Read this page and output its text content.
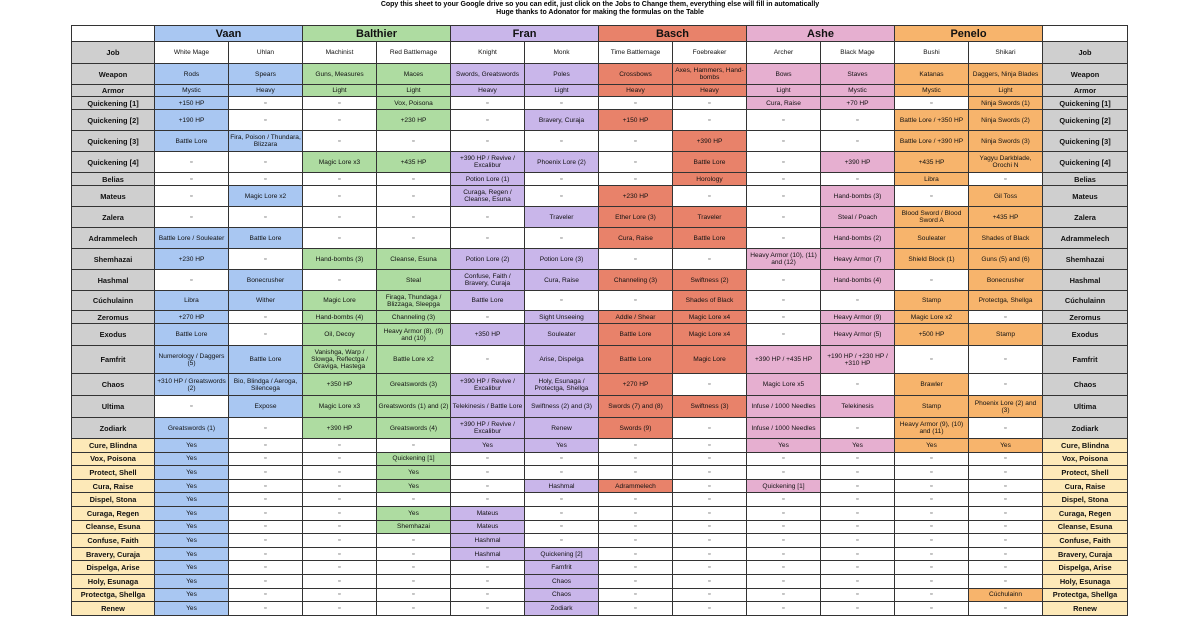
Copy this sheet to your Google drive so you can edit, just click on the Jobs to Change them, everything else will fill in automatically
Huge thanks to Adonator for making the formulas on the Table
	Vaan		Balthier		Fran		Basch		Ashe		Penelo		
Job	White Mage	Uhlan	Machinist	Red Battlemage	Knight	Monk	Time Battlemage	Foebreaker	Archer	Black Mage	Bushi	Shikari	Job
Weapon	Rods	Spears	Guns, Measures	Maces	Swords, Greatswords	Poles	Crossbows	Axes, Hammers, Hand-bombs	Bows	Staves	Katanas	Daggers, Ninja Blades	Weapon
Armor	Mystic	Heavy	Light	Light	Heavy	Light	Heavy	Heavy	Light	Mystic	Mystic	Light	Armor
Quickening [1]	+150 HP	▫	▫	Vox, Poisona	▫	▫	▫	▫	Cura, Raise	+70 HP	▫	Ninja Swords (1)	Quickening [1]
Quickening [2]	+190 HP	▫	▫	+230 HP	▫	Bravery, Curaja	+150 HP	▫	▫	▫	Battle Lore / +350 HP	Ninja Swords (2)	Quickening [2]
Quickening [3]	Battle Lore	Fira, Poison / Thundara, Blizzara	▫	▫	▫	▫	▫	+390 HP	▫	▫	Battle Lore / +390 HP	Ninja Swords (3)	Quickening [3]
Quickening [4]	▫	▫	Magic Lore x3	+435 HP	+390 HP / Revive / Excalibur	Phoenix Lore (2)	▫	Battle Lore	▫	+390 HP	+435 HP	Yagyu Darkblade, Orochi N	Quickening [4]
Belias	▫	▫	▫	▫	Potion Lore (1)	▫	▫	Horology	▫	▫	Libra	▫	Belias
Mateus	▫	Magic Lore x2	▫	▫	Curaga, Regen / Cleanse, Esuna	▫	+230 HP	▫	▫	Hand-bombs (3)	▫	Gil Toss	Mateus
Zalera	▫	▫	▫	▫	▫	Traveler	Ether Lore (3)	Traveler	▫	Steal / Poach	Blood Sword / Blood Sword A	+435 HP	Zalera
Adrammelech	Battle Lore / Souleater	Battle Lore	▫	▫	▫	▫	Cura, Raise	Battle Lore	▫	Hand-bombs (2)	Souleater	Shades of Black	Adrammelech
Shemhazai	+230 HP	▫	Hand-bombs (3)	Cleanse, Esuna	Potion Lore (2)	Potion Lore (3)	▫	▫	Heavy Armor (10), (11) and (12)	Heavy Armor (7)	Shield Block (1)	Guns (5) and (6)	Shemhazai
Hashmal	▫	Bonecrusher	▫	Steal	Confuse, Faith / Bravery, Curaja	Cura, Raise	Channeling (3)	Swiftness (2)	▫	Hand-bombs (4)	▫	Bonecrusher	Hashmal
Cúchulainn	Libra	Wither	Magic Lore	Firaga, Thundaga / Blizzaga, Sleepga	Battle Lore	▫	▫	Shades of Black	▫	▫	Stamp	Protectga, Shellga	Cúchulainn
Zeromus	+270 HP	▫	Hand-bombs (4)	Channeling (3)	▫	Sight Unseeing	Addle / Shear	Magic Lore x4	▫	Heavy Armor (9)	Magic Lore x2	▫	Zeromus
Exodus	Battle Lore	▫	Oil, Decoy	Heavy Armor (8), (9) and (10)	+350 HP	Souleater	Battle Lore	Magic Lore x4	▫	Heavy Armor (5)	+500 HP	Stamp	Exodus
Famfrit	Numerology / Daggers (5)	Battle Lore	Vanishga, Warp / Slowga, Reflectga / Graviga, Hastega	Battle Lore x2	▫	Arise, Dispelga	Battle Lore	Magic Lore	+390 HP / +435 HP	+190 HP / +230 HP / +310 HP	▫	▫	Famfrit
Chaos	+310 HP / Greatswords (2)	Bio, Blindga / Aeroga, Silencega	+350 HP	Greatswords (3)	+390 HP / Revive / Excalibur	Holy, Esunaga / Protectga, Shellga	+270 HP	▫	Magic Lore x5	▫	Brawler	▫	Chaos
Ultima	▫	Expose	Magic Lore x3	Greatswords (1) and (2)	Telekinesis / Battle Lore	Swiftness (2) and (3)	Swords (7) and (8)	Swiftness (3)	Infuse / 1000 Needles	Telekinesis	Stamp	Phoenix Lore (2) and (3)	Ultima
Zodiark	Greatswords (1)	▫	+390 HP	Greatswords (4)	+390 HP / Revive / Excalibur	Renew	Swords (9)	▫	Infuse / 1000 Needles	▫	Heavy Armor (9), (10) and (11)	▫	Zodiark
Cure, Blindna	Yes	▫	▫	▫	Yes	Yes	▫	▫	Yes	Yes	Yes	Yes	Cure, Blindna
Vox, Poisona	Yes	▫	▫	Quickening [1]	▫	▫	▫	▫	▫	▫	▫	▫	Vox, Poisona
Protect, Shell	Yes	▫	▫	Yes	▫	▫	▫	▫	▫	▫	▫	▫	Protect, Shell
Cura, Raise	Yes	▫	▫	Yes	▫	Hashmal	Adrammelech	▫	Quickening [1]	▫	▫	▫	Cura, Raise
Dispel, Stona	Yes	▫	▫	▫	▫	▫	▫	▫	▫	▫	▫	▫	Dispel, Stona
Curaga, Regen	Yes	▫	▫	Yes	Mateus	▫	▫	▫	▫	▫	▫	▫	Curaga, Regen
Cleanse, Esuna	Yes	▫	▫	Shemhazai	Mateus	▫	▫	▫	▫	▫	▫	▫	Cleanse, Esuna
Confuse, Faith	Yes	▫	▫	▫	Hashmal	▫	▫	▫	▫	▫	▫	▫	Confuse, Faith
Bravery, Curaja	Yes	▫	▫	▫	Hashmal	Quickening [2]	▫	▫	▫	▫	▫	▫	Bravery, Curaja
Dispelga, Arise	Yes	▫	▫	▫	▫	Famfrit	▫	▫	▫	▫	▫	▫	Dispelga, Arise
Holy, Esunaga	Yes	▫	▫	▫	▫	Chaos	▫	▫	▫	▫	▫	▫	Holy, Esunaga
Protectga, Shellga	Yes	▫	▫	▫	▫	Chaos	▫	▫	▫	▫	▫	Cúchulainn	Protectga, Shellga
Renew	Yes	▫	▫	▫	▫	Zodiark	▫	▫	▫	▫	▫	▫	Renew
